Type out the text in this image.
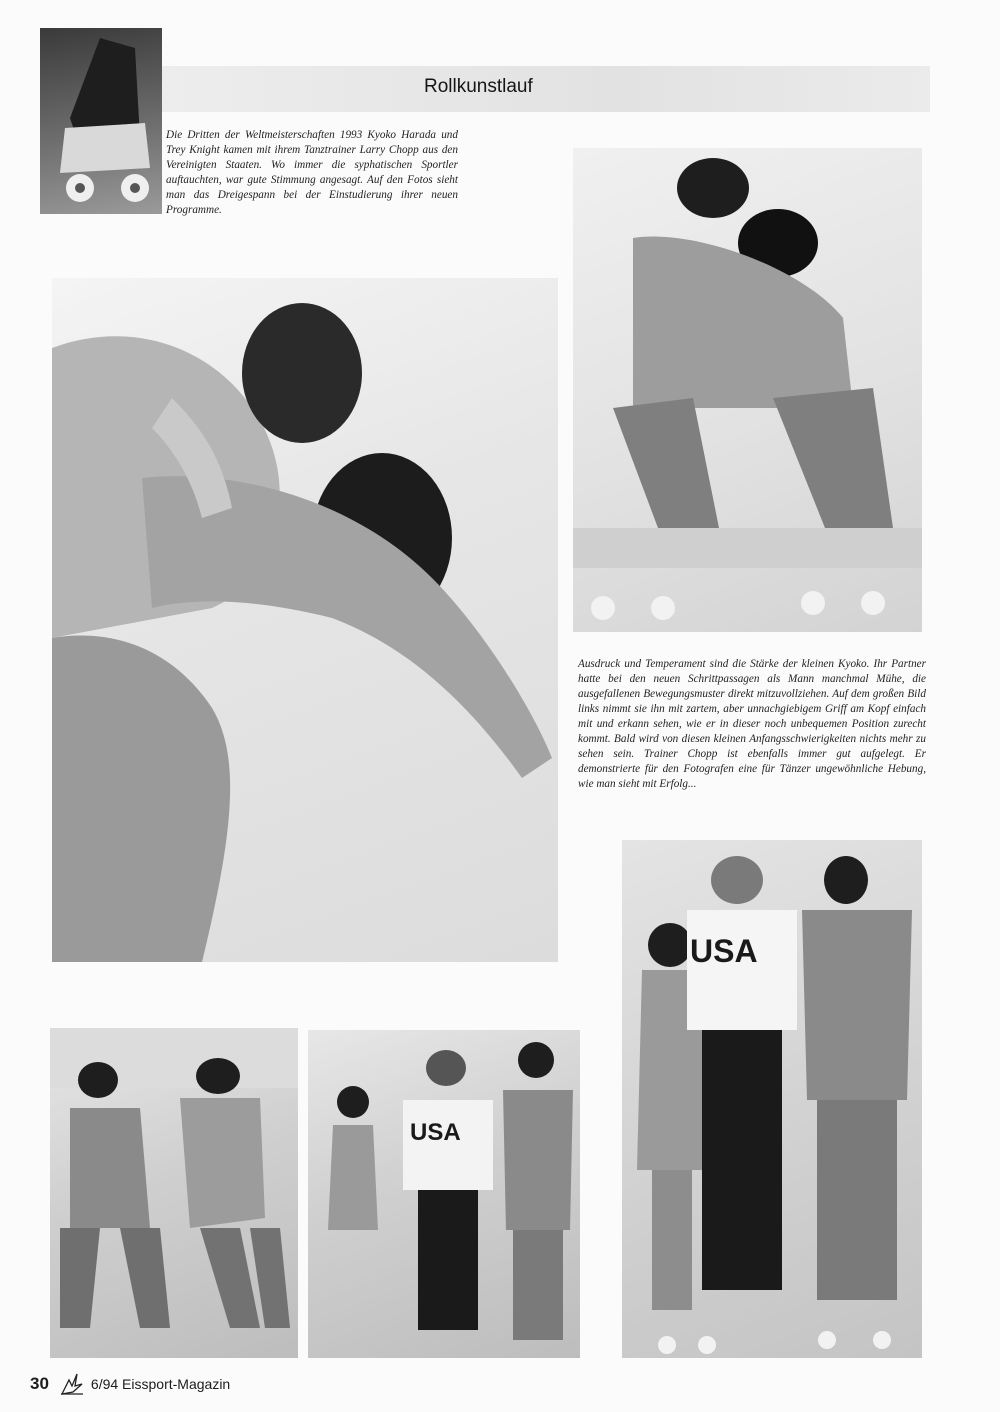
Rollkunstlauf
Die Dritten der Weltmeisterschaften 1993 Kyoko Harada und Trey Knight kamen mit ihrem Tanztrainer Larry Chopp aus den Vereinigten Staaten. Wo immer die syphatischen Sportler auftauchten, war gute Stimmung angesagt. Auf den Fotos sieht man das Dreigespann bei der Einstudierung ihrer neuen Programme.
Ausdruck und Temperament sind die Stärke der kleinen Kyoko. Ihr Partner hatte bei den neuen Schrittpassagen als Mann manchmal Mühe, die ausgefallenen Bewegungsmuster direkt mitzuvollziehen. Auf dem großen Bild links nimmt sie ihn mit zartem, aber unnachgiebigem Griff am Kopf einfach mit und erkann sehen, wie er in dieser noch unbequemen Position zurecht kommt. Bald wird von diesen kleinen Anfangsschwierigkeiten nichts mehr zu sehen sein. Trainer Chopp ist ebenfalls immer gut aufgelegt. Er demonstrierte für den Fotografen eine für Tänzer ungewöhnliche Hebung, wie man sieht mit Erfolg...
USA
USA
30	6/94 Eissport-Magazin
